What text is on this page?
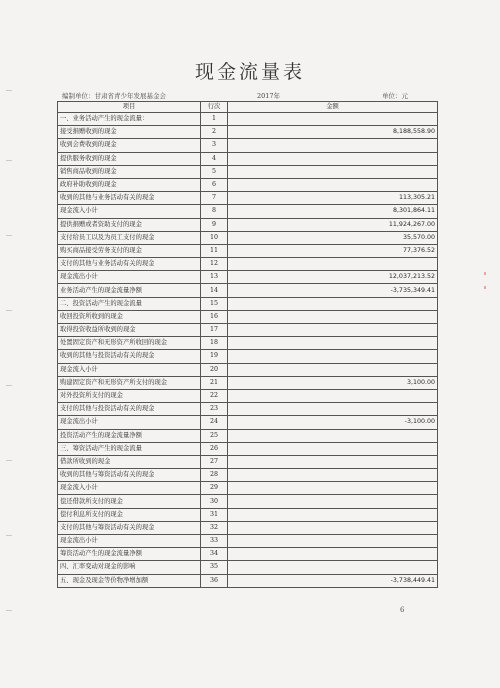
现金流量表
编制单位：甘肃省青少年发展基金会	2017年	单位：元
项目	行次	金额
一、业务活动产生的现金流量：	1	
接受捐赠收到的现金	2	8,188,558.90
收到会费收到的现金	3	
提供服务收到的现金	4	
销售商品收到的现金	5	
政府补助收到的现金	6	
收到的其他与业务活动有关的现金	7	113,305.21
现金流入小计	8	8,301,864.11
提供捐赠或者资助支付的现金	9	11,924,267.00
支付给员工以及为员工支付的现金	10	35,570.00
购买商品接受劳务支付的现金	11	77,376.52
支付的其他与业务活动有关的现金	12	
现金流出小计	13	12,037,213.52
业务活动产生的现金流量净额	14	-3,735,349.41
二、投资活动产生的现金流量	15	
收回投资所收到的现金	16	
取得投资收益所收到的现金	17	
处置固定资产和无形资产所收回的现金	18	
收到的其他与投资活动有关的现金	19	
现金流入小计	20	
购建固定资产和无形资产所支付的现金	21	3,100.00
对外投资所支付的现金	22	
支付的其他与投资活动有关的现金	23	
现金流出小计	24	-3,100.00
投资活动产生的现金流量净额	25	
三、筹资活动产生的现金流量	26	
借款所收到的现金	27	
收到的其他与筹资活动有关的现金	28	
现金流入小计	29	
偿还借款所支付的现金	30	
偿付利息所支付的现金	31	
支付的其他与筹资活动有关的现金	32	
现金流出小计	33	
筹资活动产生的现金流量净额	34	
四、汇率变动对现金的影响	35	
五、现金及现金等价物净增加额	36	-3,738,449.41
6
